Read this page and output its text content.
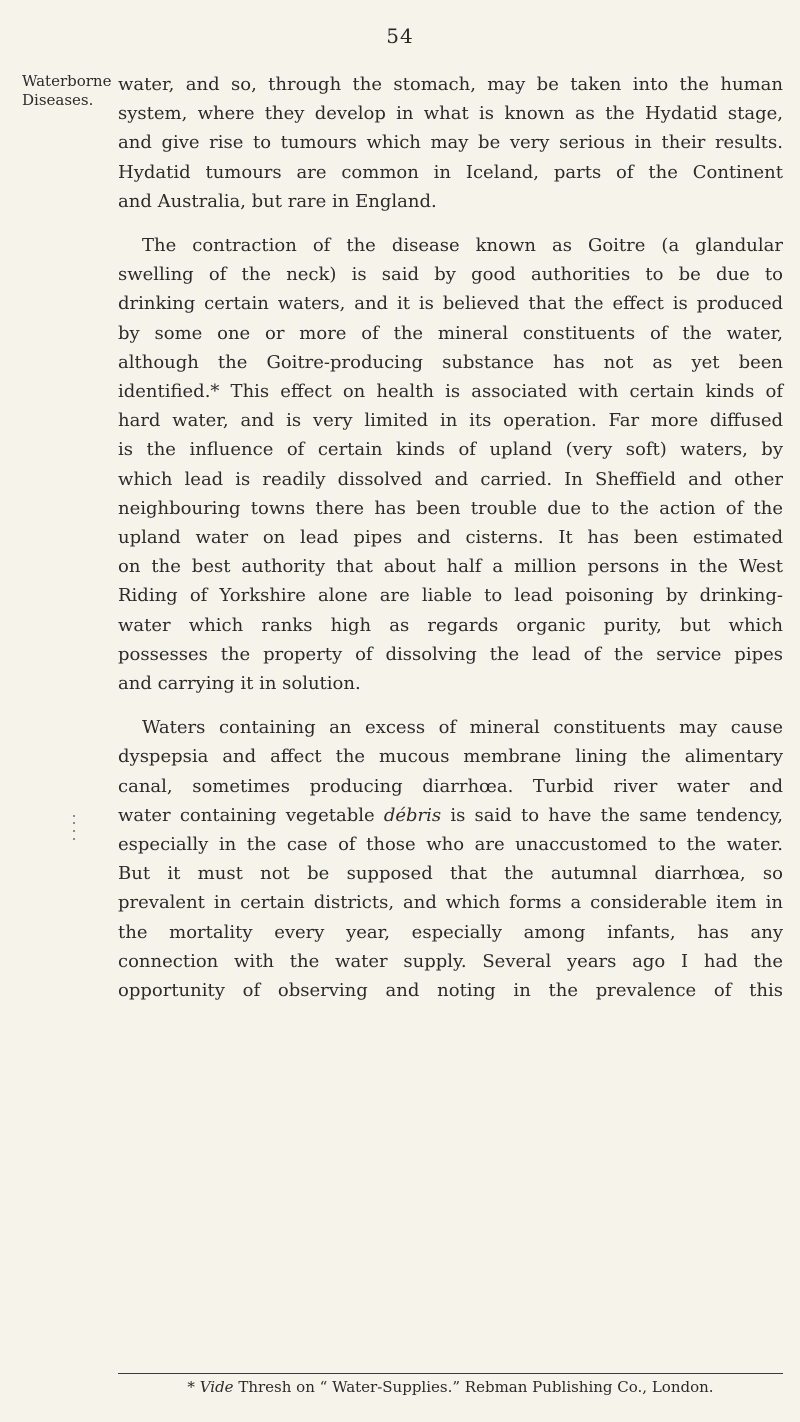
54
Waterborne
Diseases.

water, and so, through the stomach, may be taken into the human
system, where they develop in what is known as the Hydatid stage,
and give rise to tumours which may be very serious in their results.
Hydatid tumours are common in Iceland, parts of the Continent
and Australia, but rare in England.

The contraction of the disease known as Goitre (a glandular
swelling of the neck) is said by good authorities to be due to
drinking certain waters, and it is believed that the effect is produced
by some one or more of the mineral constituents of the water,
although the Goitre-producing substance has not as yet been
identified.* This effect on health is associated with certain kinds of
hard water, and is very limited in its operation. Far more diffused
is the influence of certain kinds of upland (very soft) waters, by
which lead is readily dissolved and carried. In Sheffield and other
neighbouring towns there has been trouble due to the action of the
upland water on lead pipes and cisterns. It has been estimated
on the best authority that about half a million persons in the West
Riding of Yorkshire alone are liable to lead poisoning by drinking-
water which ranks high as regards organic purity, but which
possesses the property of dissolving the lead of the service pipes
and carrying it in solution.

Waters containing an excess of mineral constituents may cause
dyspepsia and affect the mucous membrane lining the alimentary
canal, sometimes producing diarrhœa. Turbid river water and
water containing vegetable débris is said to have the same tendency,
especially in the case of those who are unaccustomed to the water.
But it must not be supposed that the autumnal diarrhœa, so
prevalent in certain districts, and which forms a considerable item in
the mortality every year, especially among infants, has any
connection with the water supply. Several years ago I had the
opportunity of observing and noting in the prevalence of this

* Vide Thresh on “ Water-Supplies.” Rebman Publishing Co., London.
